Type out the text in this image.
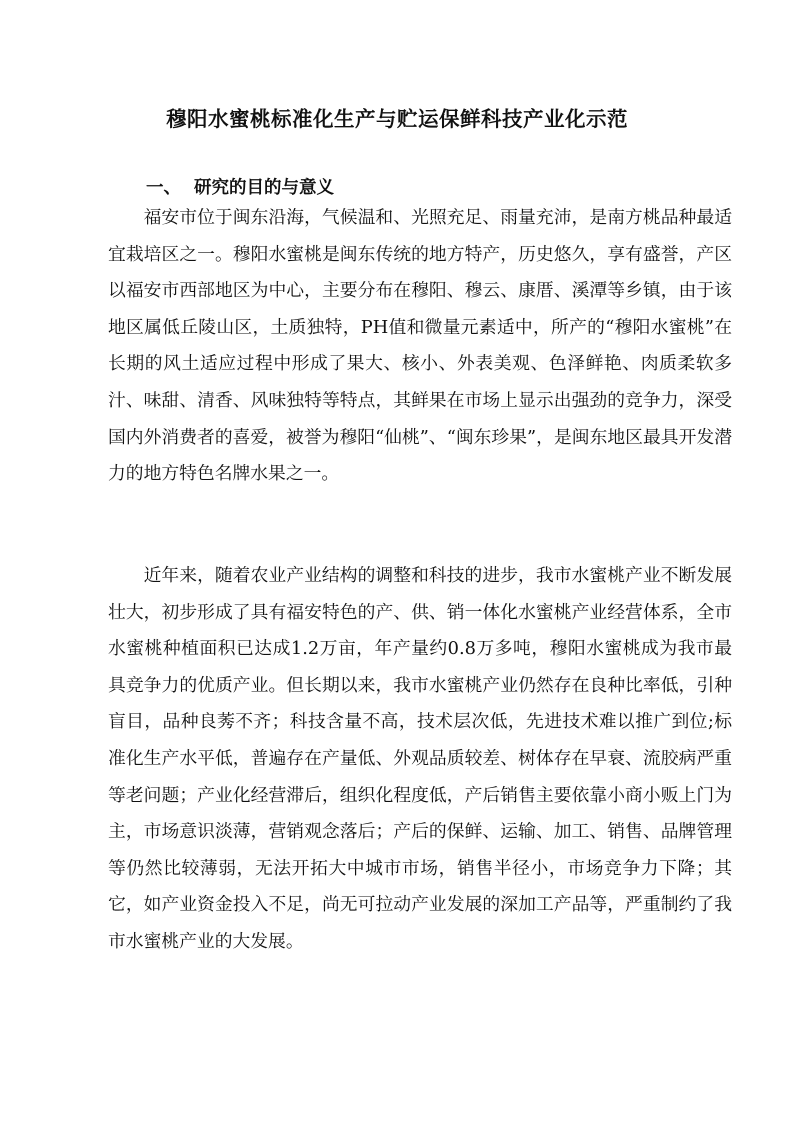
穆阳水蜜桃标准化生产与贮运保鲜科技产业化示范
一、 研究的目的与意义

福安市位于闽东沿海，气候温和、光照充足、雨量充沛，是南方桃品种最适宜栽培区之一。穆阳水蜜桃是闽东传统的地方特产，历史悠久，享有盛誉，产区以福安市西部地区为中心，主要分布在穆阳、穆云、康厝、溪潭等乡镇，由于该地区属低丘陵山区，土质独特，PH值和微量元素适中，所产的“穆阳水蜜桃”在长期的风土适应过程中形成了果大、核小、外表美观、色泽鲜艳、肉质柔软多汁、味甜、清香、风味独特等特点，其鲜果在市场上显示出强劲的竞争力，深受国内外消费者的喜爱，被誉为穆阳“仙桃”、“闽东珍果”，是闽东地区最具开发潜力的地方特色名牌水果之一。

近年来，随着农业产业结构的调整和科技的进步，我市水蜜桃产业不断发展壮大，初步形成了具有福安特色的产、供、销一体化水蜜桃产业经营体系，全市水蜜桃种植面积已达成1.2万亩，年产量约0.8万多吨，穆阳水蜜桃成为我市最具竞争力的优质产业。但长期以来，我市水蜜桃产业仍然存在良种比率低，引种盲目，品种良莠不齐；科技含量不高，技术层次低，先进技术难以推广到位;标准化生产水平低，普遍存在产量低、外观品质较差、树体存在早衰、流胶病严重等老问题；产业化经营滞后，组织化程度低，产后销售主要依靠小商小贩上门为主，市场意识淡薄，营销观念落后；产后的保鲜、运输、加工、销售、品牌管理等仍然比较薄弱，无法开拓大中城市市场，销售半径小，市场竞争力下降；其它，如产业资金投入不足，尚无可拉动产业发展的深加工产品等，严重制约了我市水蜜桃产业的大发展。
